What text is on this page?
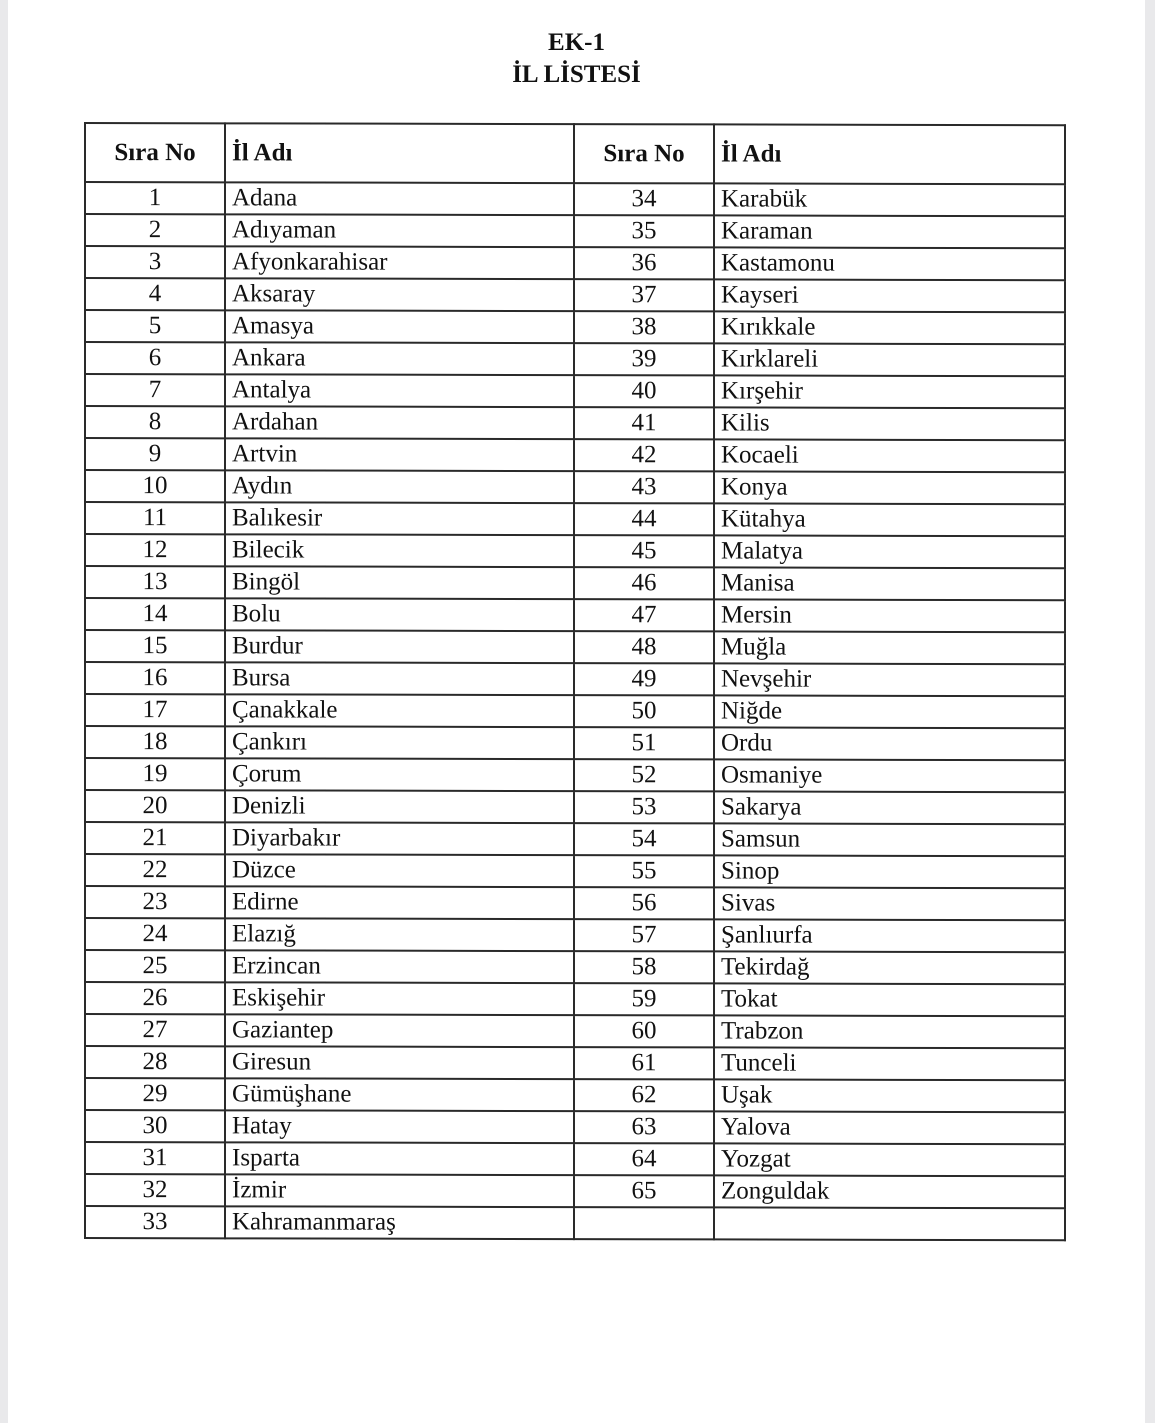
EK-1
İL LİSTESİ
Sıra No	İl Adı	Sıra No	İl Adı
1	Adana	34	Karabük
2	Adıyaman	35	Karaman
3	Afyonkarahisar	36	Kastamonu
4	Aksaray	37	Kayseri
5	Amasya	38	Kırıkkale
6	Ankara	39	Kırklareli
7	Antalya	40	Kırşehir
8	Ardahan	41	Kilis
9	Artvin	42	Kocaeli
10	Aydın	43	Konya
11	Balıkesir	44	Kütahya
12	Bilecik	45	Malatya
13	Bingöl	46	Manisa
14	Bolu	47	Mersin
15	Burdur	48	Muğla
16	Bursa	49	Nevşehir
17	Çanakkale	50	Niğde
18	Çankırı	51	Ordu
19	Çorum	52	Osmaniye
20	Denizli	53	Sakarya
21	Diyarbakır	54	Samsun
22	Düzce	55	Sinop
23	Edirne	56	Sivas
24	Elazığ	57	Şanlıurfa
25	Erzincan	58	Tekirdağ
26	Eskişehir	59	Tokat
27	Gaziantep	60	Trabzon
28	Giresun	61	Tunceli
29	Gümüşhane	62	Uşak
30	Hatay	63	Yalova
31	Isparta	64	Yozgat
32	İzmir	65	Zonguldak
33	Kahramanmaraş		
